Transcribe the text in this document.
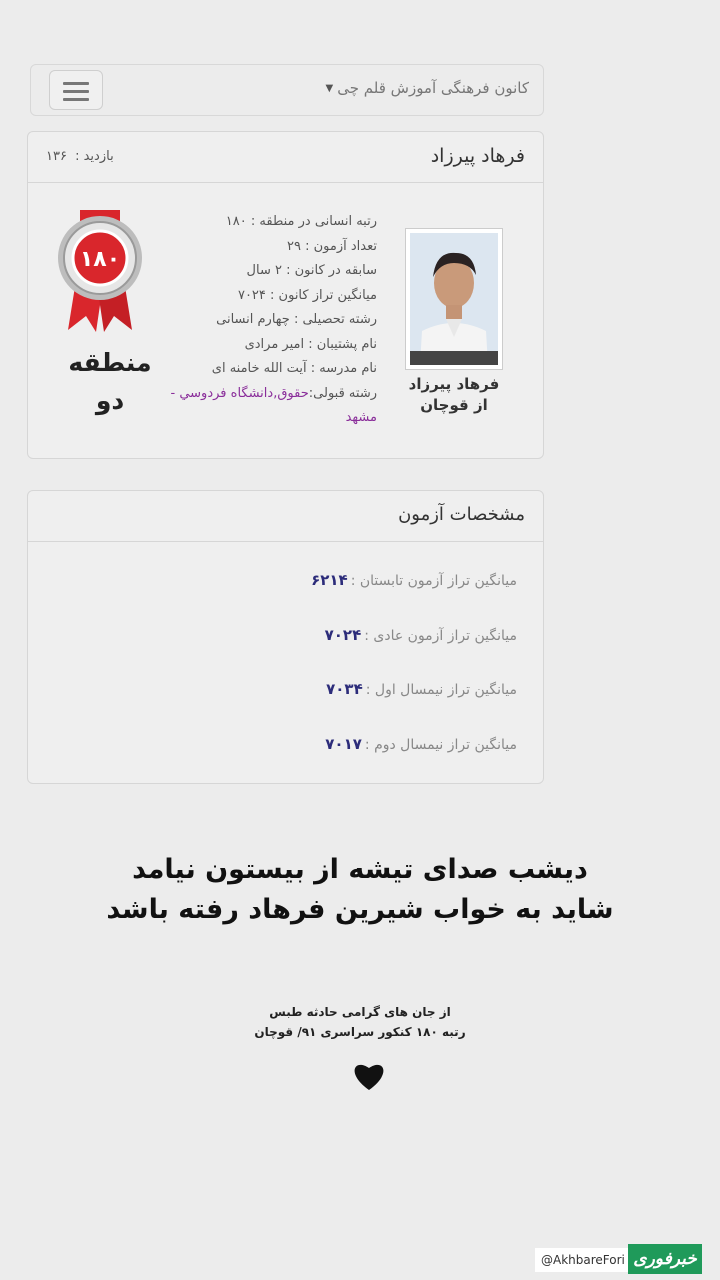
کانون فرهنگی آموزش قلم چی
▼
فرهاد پیرزاد
بازدید : ۱۳۶
فرهاد پیرزاد
از قوچان
رتبه انسانی در منطقه : ۱۸۰
تعداد آزمون : ۲۹
سابقه در کانون : ۲ سال
میانگین تراز کانون : ۷۰۲۴
رشته تحصیلی : چهارم انسانی
نام پشتیبان : امیر مرادی
نام مدرسه : آیت الله خامنه ای
رشته قبولی:حقوق,دانشگاه فردوسي - مشهد
۱۸۰
منطقه
دو
مشخصات آزمون
میانگین تراز آزمون تابستان :۶۲۱۴
میانگین تراز آزمون عادی :۷۰۲۴
میانگین تراز نیمسال اول :۷۰۳۴
میانگین تراز نیمسال دوم :۷۰۱۷
دیشب صدای تیشه از بیستون نیامد
شاید به خواب شیرین فرهاد رفته باشد
از جان های گرامی حادثه طبس
رتبه ۱۸۰ کنکور سراسری ۹۱/ قوچان
@AkhbareFori خبرفوری
